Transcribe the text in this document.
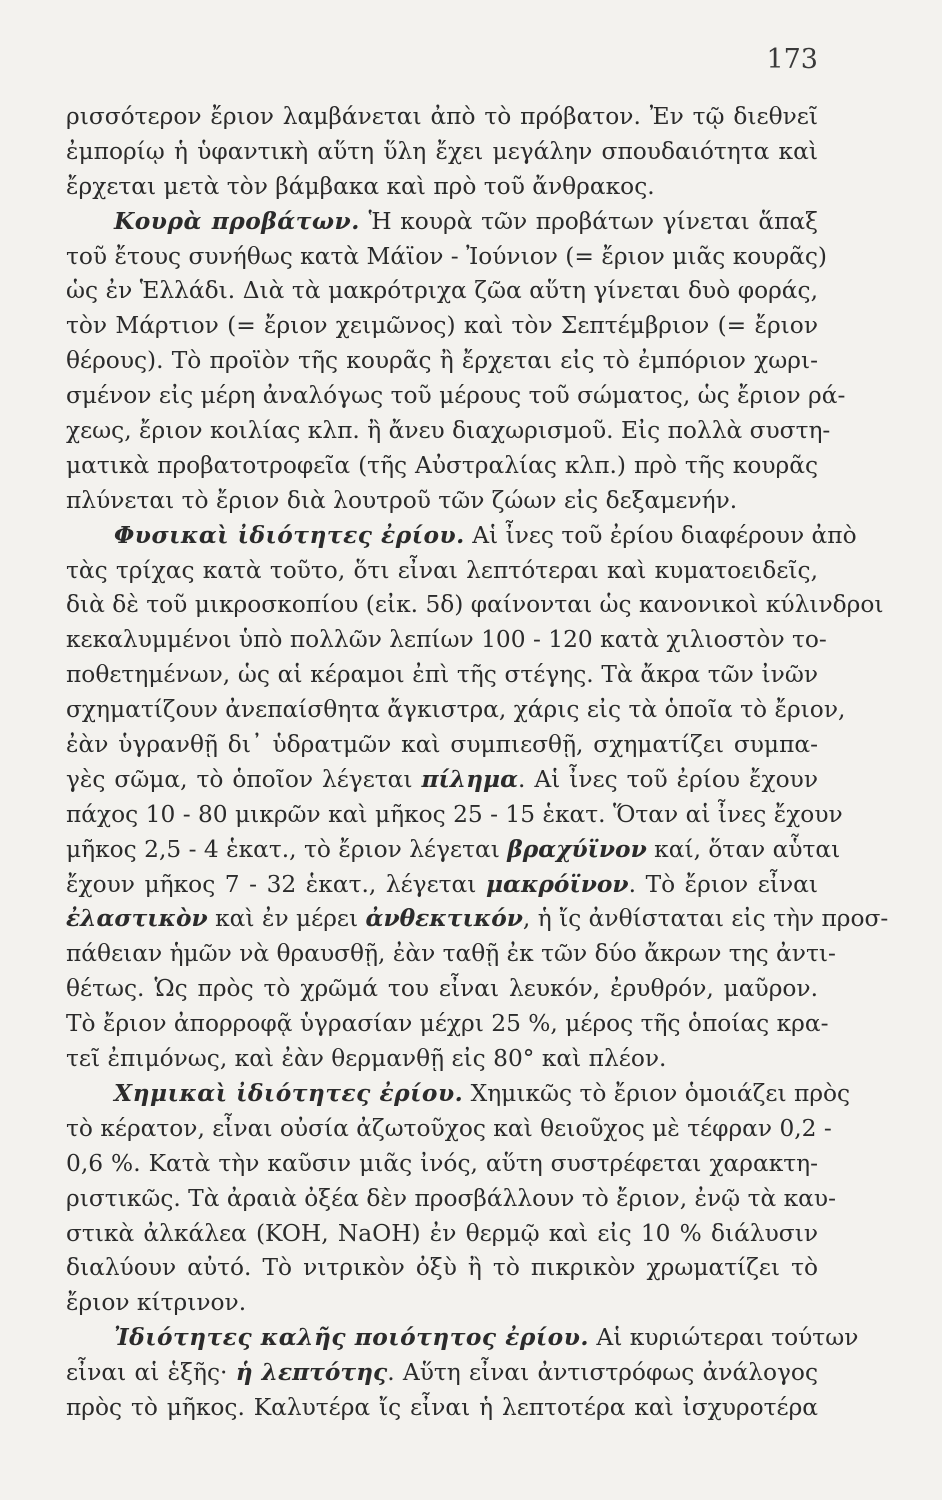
173
ρισσότερον ἔριον λαμβάνεται ἀπὸ τὸ πρόβατον. Ἐν τῷ διεθνεῖ
ἐμπορίῳ ἡ ὑφαντικὴ αὕτη ὕλη ἔχει μεγάλην σπουδαιότητα καὶ
ἔρχεται μετὰ τὸν βάμβακα καὶ πρὸ τοῦ ἄνθρακος.
Κουρὰ προβάτων. Ἡ κουρὰ τῶν προβάτων γίνεται ἅπαξ
τοῦ ἔτους συνήθως κατὰ Μάϊον - Ἰούνιον (= ἔριον μιᾶς κουρᾶς)
ὡς ἐν Ἑλλάδι. Διὰ τὰ μακρότριχα ζῶα αὕτη γίνεται δυὸ φοράς,
τὸν Μάρτιον (= ἔριον χειμῶνος) καὶ τὸν Σεπτέμβριον (= ἔριον
θέρους). Τὸ προϊὸν τῆς κουρᾶς ἢ ἔρχεται εἰς τὸ ἐμπόριον χωρι-
σμένον εἰς μέρη ἀναλόγως τοῦ μέρους τοῦ σώματος, ὡς ἔριον ρά-
χεως, ἔριον κοιλίας κλπ. ἢ ἄνευ διαχωρισμοῦ. Εἰς πολλὰ συστη-
ματικὰ προβατοτροφεῖα (τῆς Αὐστραλίας κλπ.) πρὸ τῆς κουρᾶς
πλύνεται τὸ ἔριον διὰ λουτροῦ τῶν ζώων εἰς δεξαμενήν.
Φυσικαὶ ἰδιότητες ἐρίου. Αἱ ἶνες τοῦ ἐρίου διαφέρουν ἀπὸ
τὰς τρίχας κατὰ τοῦτο, ὅτι εἶναι λεπτότεραι καὶ κυματοειδεῖς,
διὰ δὲ τοῦ μικροσκοπίου (εἰκ. 5δ) φαίνονται ὡς κανονικοὶ κύλινδροι
κεκαλυμμένοι ὑπὸ πολλῶν λεπίων 100 - 120 κατὰ χιλιοστὸν το-
ποθετημένων, ὡς αἱ κέραμοι ἐπὶ τῆς στέγης. Τὰ ἄκρα τῶν ἰνῶν
σχηματίζουν ἀνεπαίσθητα ἄγκιστρα, χάρις εἰς τὰ ὁποῖα τὸ ἔριον,
ἐὰν ὑγρανθῇ δι᾽ ὑδρατμῶν καὶ συμπιεσθῇ, σχηματίζει συμπα-
γὲς σῶμα, τὸ ὁποῖον λέγεται πίλημα. Αἱ ἶνες τοῦ ἐρίου ἔχουν
πάχος 10 - 80 μικρῶν καὶ μῆκος 25 - 15 ἑκατ. Ὅταν αἱ ἶνες ἔχουν
μῆκος 2,5 - 4 ἑκατ., τὸ ἔριον λέγεται βραχύϊνον καί, ὅταν αὗται
ἔχουν μῆκος 7 - 32 ἑκατ., λέγεται μακρόϊνον. Τὸ ἔριον εἶναι
ἐλαστικὸν καὶ ἐν μέρει ἀνθεκτικόν, ἡ ἴς ἀνθίσταται εἰς τὴν προσ-
πάθειαν ἡμῶν νὰ θραυσθῇ, ἐὰν ταθῇ ἐκ τῶν δύο ἄκρων της ἀντι-
θέτως. Ὡς πρὸς τὸ χρῶμά του εἶναι λευκόν, ἐρυθρόν, μαῦρον.
Τὸ ἔριον ἀπορροφᾷ ὑγρασίαν μέχρι 25 %, μέρος τῆς ὁποίας κρα-
τεῖ ἐπιμόνως, καὶ ἐὰν θερμανθῇ εἰς 80° καὶ πλέον.
Χημικαὶ ἰδιότητες ἐρίου. Χημικῶς τὸ ἔριον ὁμοιάζει πρὸς
τὸ κέρατον, εἶναι οὐσία ἀζωτοῦχος καὶ θειοῦχος μὲ τέφραν 0,2 -
0,6 %. Κατὰ τὴν καῦσιν μιᾶς ἰνός, αὕτη συστρέφεται χαρακτη-
ριστικῶς. Τὰ ἀραιὰ ὀξέα δὲν προσβάλλουν τὸ ἔριον, ἐνῷ τὰ καυ-
στικὰ ἀλκάλεα (KOH, NaOH) ἐν θερμῷ καὶ εἰς 10 % διάλυσιν
διαλύουν αὐτό. Τὸ νιτρικὸν ὀξὺ ἢ τὸ πικρικὸν χρωματίζει τὸ
ἔριον κίτρινον.
Ἰδιότητες καλῆς ποιότητος ἐρίου. Αἱ κυριώτεραι τούτων
εἶναι αἱ ἑξῆς· ἡ λεπτότης. Αὕτη εἶναι ἀντιστρόφως ἀνάλογος
πρὸς τὸ μῆκος. Καλυτέρα ἴς εἶναι ἡ λεπτοτέρα καὶ ἰσχυροτέρα
